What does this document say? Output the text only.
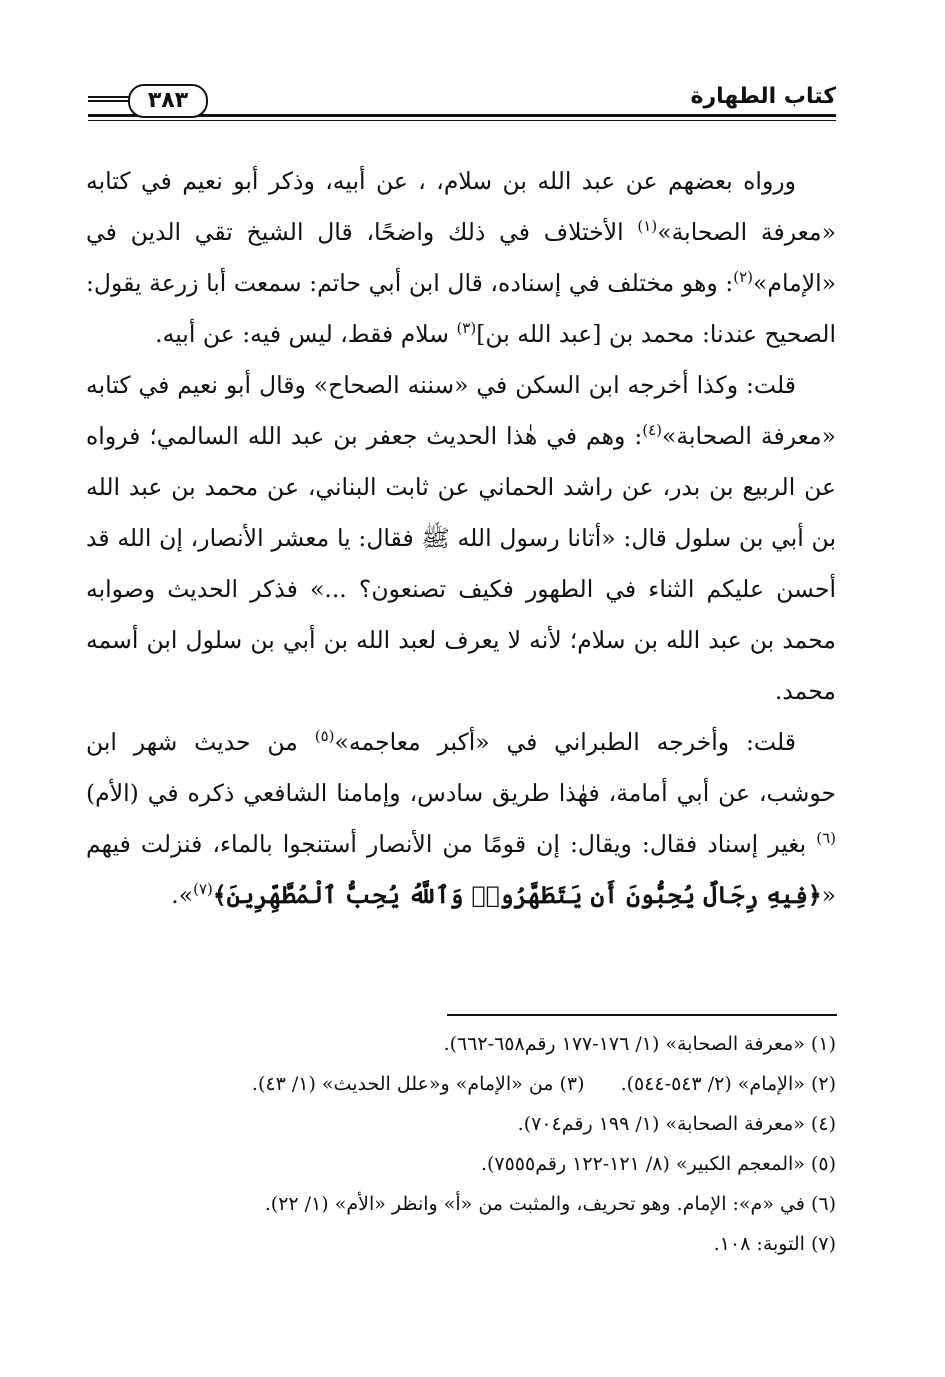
كتاب الطهارة
٣٨٣

ورواه بعضهم عن عبد الله بن سلام، ، عن أبيه، وذكر أبو نعيم في كتابه «معرفة الصحابة»$^{(١)}$ الأختلاف في ذلك واضحًا، قال الشيخ تقي الدين في «الإمام»$^{(٢)}$: وهو مختلف في إسناده، قال ابن أبي حاتم: سمعت أبا زرعة يقول: الصحيح عندنا: محمد بن [عبد الله بن]$^{(٣)}$ سلام فقط، ليس فيه: عن أبيه.

قلت: وكذا أخرجه ابن السكن في «سننه الصحاح» وقال أبو نعيم في كتابه «معرفة الصحابة»$^{(٤)}$: وهم في هٰذا الحديث جعفر بن عبد الله السالمي؛ فرواه عن الربيع بن بدر، عن راشد الحماني عن ثابت البناني، عن محمد بن عبد الله بن أبي بن سلول قال: «أتانا رسول الله ﷺ فقال: يا معشر الأنصار، إن الله قد أحسن عليكم الثناء في الطهور فكيف تصنعون؟ ...» فذكر الحديث وصوابه محمد بن عبد الله بن سلام؛ لأنه لا يعرف لعبد الله بن أبي بن سلول ابن أسمه محمد.

قلت: وأخرجه الطبراني في «أكبر معاجمه»$^{(٥)}$ من حديث شهر ابن حوشب، عن أبي أمامة، فهٰذا طريق سادس، وإمامنا الشافعي ذكره في (الأم)$^{(٦)}$ بغير إسناد فقال: ويقال: إن قومًا من الأنصار أستنجوا بالماء، فنزلت فيهم «﴿فِيهِ رِجَالٌ يُحِبُّونَ أَن يَتَطَهَّرُوا۟ وَٱللَّهُ يُحِبُّ ٱلْمُطَّهِّرِينَ﴾$^{(٧)}$».

(١) «معرفة الصحابة» (١/ ١٧٦-١٧٧ رقم٦٥٨-٦٦٢).
(٢) «الإمام» (٢/ ٥٤٣-٥٤٤).
(٣) من «الإمام» و«علل الحديث» (١/ ٤٣).
(٤) «معرفة الصحابة» (١/ ١٩٩ رقم٧٠٤).
(٥) «المعجم الكبير» (٨/ ١٢١-١٢٢ رقم٧٥٥٥).
(٦) في «م»: الإمام. وهو تحريف، والمثبت من «أ» وانظر «الأم» (١/ ٢٢).
(٧) التوبة: ١٠٨.
